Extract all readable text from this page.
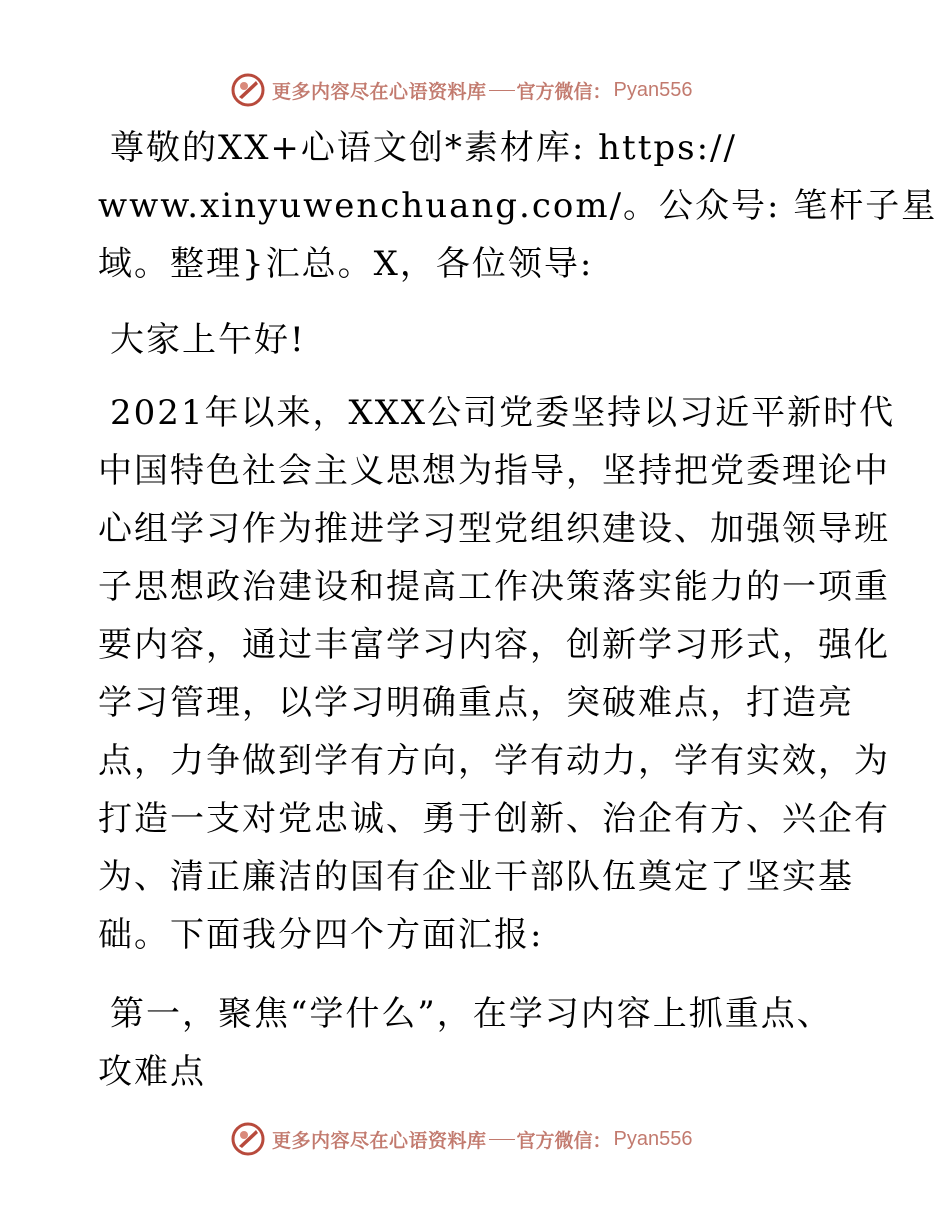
更多内容尽在心语资料库 官方微信： Pyan556
尊敬的XX+心语文创*素材库: https://
www.xinyuwenchuang.com/。公众号: 笔杆子星
域。整理}汇总。X，各位领导:
大家上午好!
2021年以来，XXX公司党委坚持以习近平新时代
中国特色社会主义思想为指导，坚持把党委理论中
心组学习作为推进学习型党组织建设、加强领导班
子思想政治建设和提高工作决策落实能力的一项重
要内容，通过丰富学习内容，创新学习形式，强化
学习管理，以学习明确重点，突破难点，打造亮
点，力争做到学有方向，学有动力，学有实效，为
打造一支对党忠诚、勇于创新、治企有方、兴企有
为、清正廉洁的国有企业干部队伍奠定了坚实基
础。下面我分四个方面汇报:
第一，聚焦“学什么”，在学习内容上抓重点、
攻难点
更多内容尽在心语资料库 官方微信： Pyan556
